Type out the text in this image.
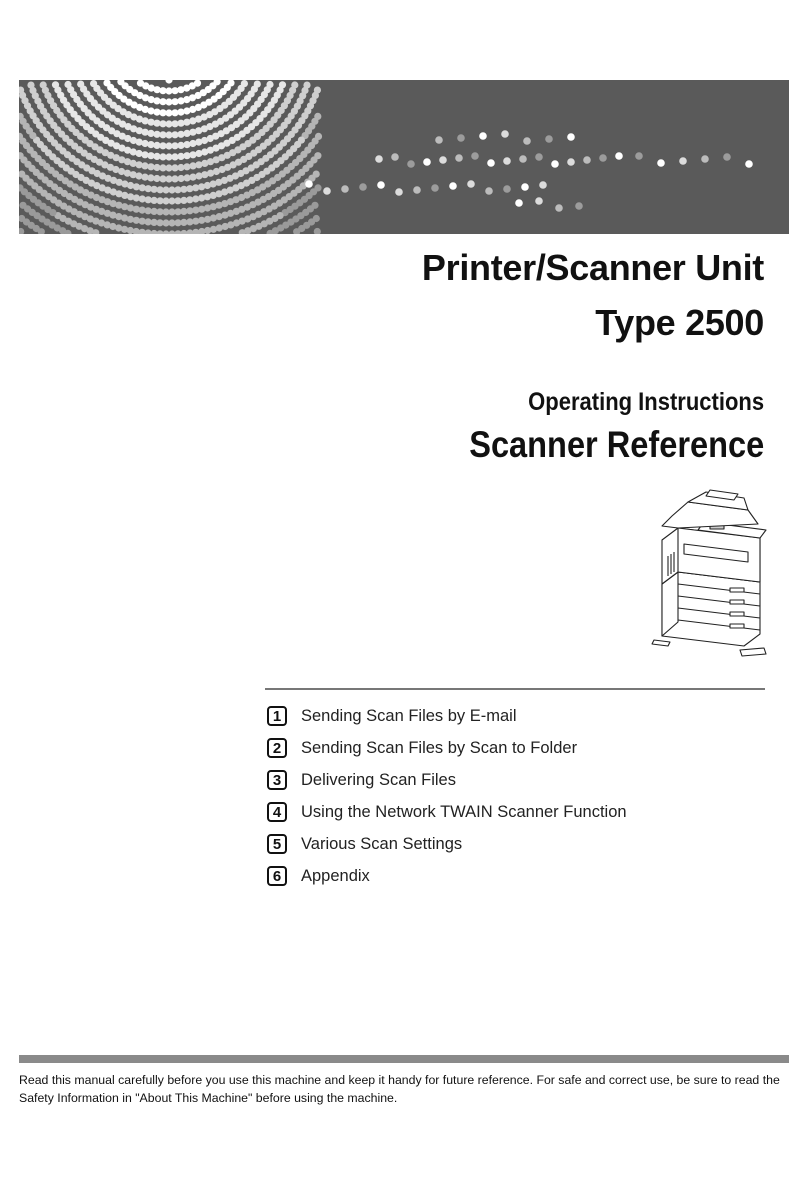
Printer/Scanner Unit
Type 2500
Operating Instructions
Scanner Reference
1	Sending Scan Files by E-mail
2	Sending Scan Files by Scan to Folder
3	Delivering Scan Files
4	Using the Network TWAIN Scanner Function
5	Various Scan Settings
6	Appendix
Read this manual carefully before you use this machine and keep it handy for future reference. For safe and correct use, be sure to read the Safety Information in "About This Machine" before using the machine.
